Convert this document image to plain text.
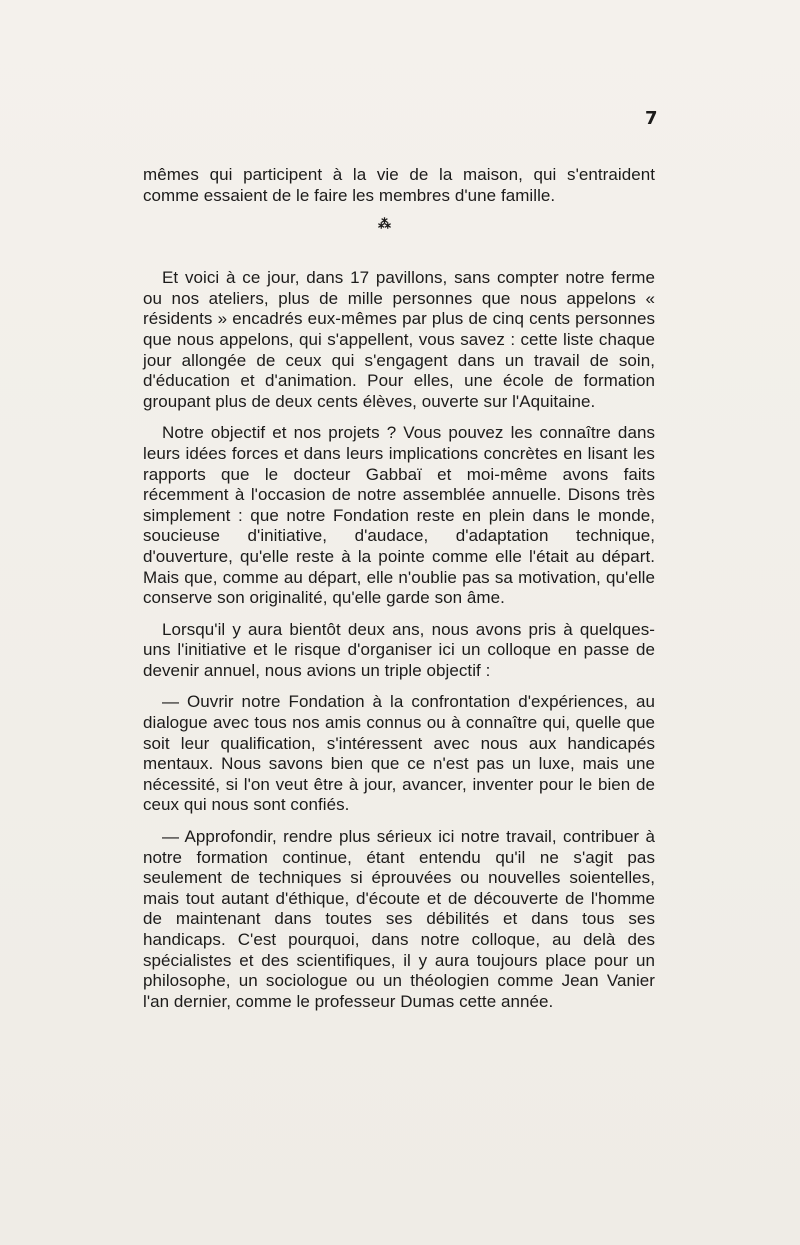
7

mêmes qui participent à la vie de la maison, qui s'entraident comme essaient de le faire les membres d'une famille.

⁂

Et voici à ce jour, dans 17 pavillons, sans compter notre ferme ou nos ateliers, plus de mille personnes que nous appelons « résidents » encadrés eux-mêmes par plus de cinq cents personnes que nous appelons, qui s'appellent, vous savez : cette liste chaque jour allongée de ceux qui s'engagent dans un travail de soin, d'éducation et d'animation. Pour elles, une école de formation groupant plus de deux cents élèves, ouverte sur l'Aquitaine.

Notre objectif et nos projets ? Vous pouvez les connaître dans leurs idées forces et dans leurs implications concrètes en lisant les rapports que le docteur Gabbaï et moi-même avons faits récemment à l'occasion de notre assemblée annuelle. Disons très simplement : que notre Fondation reste en plein dans le monde, soucieuse d'initiative, d'audace, d'adaptation technique, d'ouverture, qu'elle reste à la pointe comme elle l'était au départ. Mais que, comme au départ, elle n'oublie pas sa motivation, qu'elle conserve son originalité, qu'elle garde son âme.

Lorsqu'il y aura bientôt deux ans, nous avons pris à quelques-uns l'initiative et le risque d'organiser ici un colloque en passe de devenir annuel, nous avions un triple objectif :

— Ouvrir notre Fondation à la confrontation d'expériences, au dialogue avec tous nos amis connus ou à connaître qui, quelle que soit leur qualification, s'intéressent avec nous aux handicapés mentaux. Nous savons bien que ce n'est pas un luxe, mais une nécessité, si l'on veut être à jour, avancer, inventer pour le bien de ceux qui nous sont confiés.

— Approfondir, rendre plus sérieux ici notre travail, contribuer à notre formation continue, étant entendu qu'il ne s'agit pas seulement de techniques si éprouvées ou nouvelles soientelles, mais tout autant d'éthique, d'écoute et de découverte de l'homme de maintenant dans toutes ses débilités et dans tous ses handicaps. C'est pourquoi, dans notre colloque, au delà des spécialistes et des scientifiques, il y aura toujours place pour un philosophe, un sociologue ou un théologien comme Jean Vanier l'an dernier, comme le professeur Dumas cette année.
